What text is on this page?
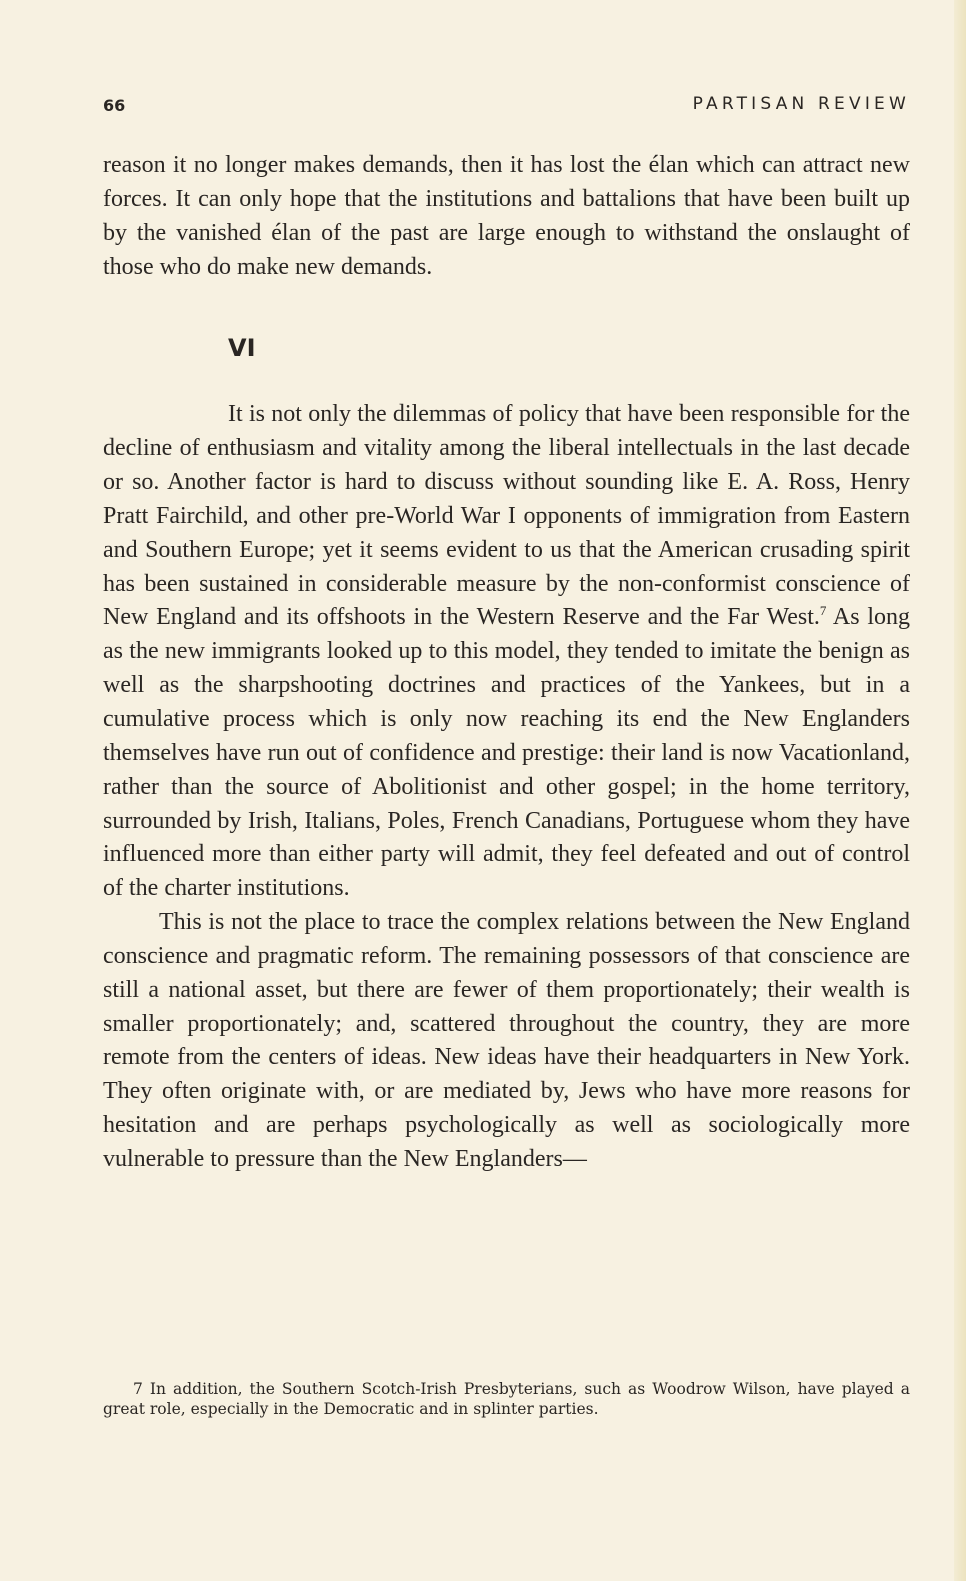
66	PARTISAN REVIEW

reason it no longer makes demands, then it has lost the élan which can attract new forces. It can only hope that the institutions and battalions that have been built up by the vanished élan of the past are large enough to withstand the onslaught of those who do make new demands.

VI

It is not only the dilemmas of policy that have been responsible for the decline of enthusiasm and vitality among the liberal intellectuals in the last decade or so. Another factor is hard to discuss without sounding like E. A. Ross, Henry Pratt Fairchild, and other pre-World War I opponents of immigration from Eastern and Southern Europe; yet it seems evident to us that the American crusading spirit has been sustained in considerable measure by the non-conformist conscience of New England and its offshoots in the Western Reserve and the Far West.$^7$ As long as the new immigrants looked up to this model, they tended to imitate the benign as well as the sharpshooting doctrines and practices of the Yankees, but in a cumulative process which is only now reaching its end the New Englanders themselves have run out of confidence and prestige: their land is now Vacationland, rather than the source of Abolitionist and other gospel; in the home territory, surrounded by Irish, Italians, Poles, French Canadians, Portuguese whom they have influenced more than either party will admit, they feel defeated and out of control of the charter institutions.

This is not the place to trace the complex relations between the New England conscience and pragmatic reform. The remaining possessors of that conscience are still a national asset, but there are fewer of them proportionately; their wealth is smaller proportionately; and, scattered throughout the country, they are more remote from the centers of ideas. New ideas have their headquarters in New York. They often originate with, or are mediated by, Jews who have more reasons for hesitation and are perhaps psychologically as well as sociologically more vulnerable to pressure than the New Englanders—

7 In addition, the Southern Scotch-Irish Presbyterians, such as Woodrow Wilson, have played a great role, especially in the Democratic and in splinter parties.
